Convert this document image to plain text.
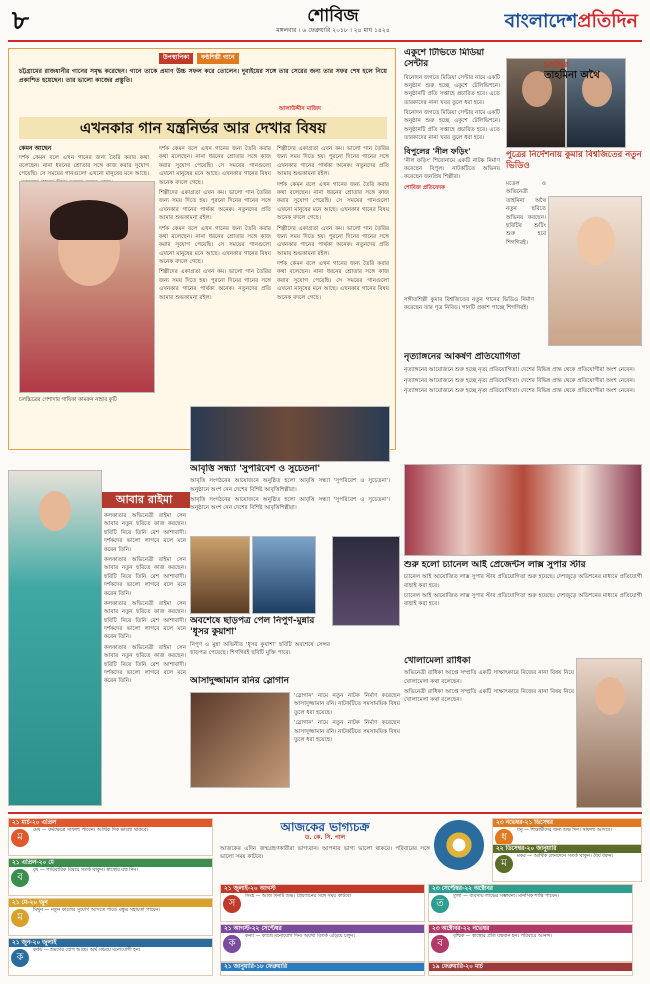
৮	শোবিজ
মঙ্গলবার । ৬ ফেব্রুয়ারি ২০১৮ । ২৪ মাঘ ১৪২৪	বাংলাদেশপ্রতিদিন
উপস্থাপিকা কণ্ঠশিল্পী গানে

চট্টগ্রামের রাজধানীর গানের সমৃদ্ধ করেছেন। গানে তাকে প্রমাণ উচ্চ সফল করে তোলেন। দুবাইয়ের সঙ্গে তার সেরের জন্য তার সফর শেষ হলে নিয়ে প্রকাশিত হয়েছেন। তার ভালো কাজের প্রস্তুতি।

এখনকার গান যন্ত্রনির্ভর আর দেখার বিষয়
কেমন আছেন

দর্শক কেমন বলে এখন গানের জন্য তৈরি করার কথা বলেছেন। নানা ধরনের শ্রোতার সঙ্গে কাজ করার সুযোগ পেয়েছি। সে সময়ের গানগুলো এখনো মানুষের মনে আছে।

চলচ্চিত্রের পেশাদার গায়িকা কামরুন নাহার কুটি

আলাউদ্দীন মাজিদ

দর্শক কেমন বলে এখন গানের জন্য তৈরি করার কথা বলেছেন। নানা ধরনের শ্রোতার সঙ্গে কাজ করার সুযোগ পেয়েছি। সে সময়ের গানগুলো এখনো মানুষের মনে আছে। এখনকার গানের বিষয় অনেক বদলে গেছে।

শিল্পীদের একাগ্রতা এখন কম। ভালো গান তৈরির জন্য সময় দিতে হয়। পুরনো দিনের গানের সঙ্গে এখনকার গানের পার্থক্য অনেক। নতুনদের প্রতি আমার শুভকামনা রইল।

দর্শক কেমন বলে এখন গানের জন্য তৈরি করার কথা বলেছেন। নানা ধরনের শ্রোতার সঙ্গে কাজ করার সুযোগ পেয়েছি। সে সময়ের গানগুলো এখনো মানুষের মনে আছে। এখনকার গানের বিষয় অনেক বদলে গেছে।

শিল্পীদের একাগ্রতা এখন কম। ভালো গান তৈরির জন্য সময় দিতে হয়। পুরনো দিনের গানের সঙ্গে এখনকার গানের পার্থক্য অনেক। নতুনদের প্রতি আমার শুভকামনা রইল।

শিল্পীদের একাগ্রতা এখন কম। ভালো গান তৈরির জন্য সময় দিতে হয়। পুরনো দিনের গানের সঙ্গে এখনকার গানের পার্থক্য অনেক। নতুনদের প্রতি আমার শুভকামনা রইল।

দর্শক কেমন বলে এখন গানের জন্য তৈরি করার কথা বলেছেন। নানা ধরনের শ্রোতার সঙ্গে কাজ করার সুযোগ পেয়েছি। সে সময়ের গানগুলো এখনো মানুষের মনে আছে। এখনকার গানের বিষয় অনেক বদলে গেছে।

শিল্পীদের একাগ্রতা এখন কম। ভালো গান তৈরির জন্য সময় দিতে হয়। পুরনো দিনের গানের সঙ্গে এখনকার গানের পার্থক্য অনেক। নতুনদের প্রতি আমার শুভকামনা রইল।

দর্শক কেমন বলে এখন গানের জন্য তৈরি করার কথা বলেছেন। নানা ধরনের শ্রোতার সঙ্গে কাজ করার সুযোগ পেয়েছি। সে সময়ের গানগুলো এখনো মানুষের মনে আছে। এখনকার গানের বিষয় অনেক বদলে গেছে।

একুশে টিভিতে মিডিয়া সেন্টার

বিনোদন জগতে মিডিয়া সেন্টার নামে একটি অনুষ্ঠান শুরু হচ্ছে একুশে টেলিভিশনে। অনুষ্ঠানটি প্রতি সপ্তাহে প্রচারিত হবে। এতে তারকাদের নানা খবর তুলে ধরা হবে।

বিনোদন জগতে মিডিয়া সেন্টার নামে একটি অনুষ্ঠান শুরু হচ্ছে একুশে টেলিভিশনে। অনুষ্ঠানটি প্রতি সপ্তাহে প্রচারিত হবে। এতে তারকাদের নানা খবর তুলে ধরা হবে।

বিপুলের 'নীল ফড়িং'

'নীল ফড়িং' শিরোনামে একটি নাটক নির্মাণ করেছেন বিপুল। নাটকটিতে অভিনয় করেছেন জনপ্রিয় শিল্পীরা।

শোবিজ প্রতিবেদক
পুত্রের নির্দেশনায় কুমার বিশ্বজিতের নতুন ভিডিও

সঙ্গীতশিল্পী কুমার বিশ্বজিতের নতুন গানের ভিডিও নির্মাণ করেছেন তার পুত্র নিবিড়। গানটি প্রকাশ পাচ্ছে শিগগিরই।

চলচ্চিত্র
তাহমিনা অথৈ

মডেল ও অভিনেত্রী তাহমিনা অথৈ নতুন ছবিতে অভিনয় করছেন। ছবিটির শুটিং শুরু হবে শিগগিরই।

নৃত্যাঙ্গনের আকর্ষণ প্রতিযোগিতা

নৃত্যাঙ্গনের আয়োজনে শুরু হচ্ছে নৃত্য প্রতিযোগিতা। দেশের বিভিন্ন প্রান্ত থেকে প্রতিযোগীরা অংশ নেবেন।

নৃত্যাঙ্গনের আয়োজনে শুরু হচ্ছে নৃত্য প্রতিযোগিতা। দেশের বিভিন্ন প্রান্ত থেকে প্রতিযোগীরা অংশ নেবেন।

নৃত্যাঙ্গনের আয়োজনে শুরু হচ্ছে নৃত্য প্রতিযোগিতা। দেশের বিভিন্ন প্রান্ত থেকে প্রতিযোগীরা অংশ নেবেন।

আবৃত্তি সন্ধ্যা 'সুপরিবেশ ও সুচেতনা'

আবৃত্তি সংগঠনের আয়োজনে অনুষ্ঠিত হলো আবৃত্তি সন্ধ্যা 'সুপরিবেশ ও সুচেতনা'। অনুষ্ঠানে অংশ নেন দেশের বিশিষ্ট আবৃত্তিশিল্পীরা।

আবৃত্তি সংগঠনের আয়োজনে অনুষ্ঠিত হলো আবৃত্তি সন্ধ্যা 'সুপরিবেশ ও সুচেতনা'। অনুষ্ঠানে অংশ নেন দেশের বিশিষ্ট আবৃত্তিশিল্পীরা।

শুরু হলো চ্যানেল আই প্রেজেন্টস লাক্স সুপার স্টার

চ্যানেল আই আয়োজিত লাক্স সুপার স্টার প্রতিযোগিতা শুরু হয়েছে। দেশজুড়ে অডিশনের মাধ্যমে প্রতিযোগী বাছাই করা হবে।

চ্যানেল আই আয়োজিত লাক্স সুপার স্টার প্রতিযোগিতা শুরু হয়েছে। দেশজুড়ে অডিশনের মাধ্যমে প্রতিযোগী বাছাই করা হবে।

আবার রাইমা

কলকাতার অভিনেত্রী রাইমা সেন আবার নতুন ছবিতে কাজ করছেন। ছবিটি নিয়ে তিনি বেশ আশাবাদী। দর্শকদের ভালো লাগবে বলে মনে করেন তিনি।

কলকাতার অভিনেত্রী রাইমা সেন আবার নতুন ছবিতে কাজ করছেন। ছবিটি নিয়ে তিনি বেশ আশাবাদী। দর্শকদের ভালো লাগবে বলে মনে করেন তিনি।

কলকাতার অভিনেত্রী রাইমা সেন আবার নতুন ছবিতে কাজ করছেন। ছবিটি নিয়ে তিনি বেশ আশাবাদী। দর্শকদের ভালো লাগবে বলে মনে করেন তিনি।

কলকাতার অভিনেত্রী রাইমা সেন আবার নতুন ছবিতে কাজ করছেন। ছবিটি নিয়ে তিনি বেশ আশাবাদী। দর্শকদের ভালো লাগবে বলে মনে করেন তিনি।

অবশেষে ছাড়পত্র পেল নিপুণ-মুন্নার 'ধূসর কুয়াশা'

নিপুণ ও মুন্না অভিনীত 'ধূসর কুয়াশা' ছবিটি অবশেষে সেন্সর ছাড়পত্র পেয়েছে। শিগগিরই ছবিটি মুক্তি পাবে।

আসাদুজ্জামান রনির স্লোগান

'স্লোগান' নামে নতুন নাটক নির্মাণ করেছেন আসাদুজ্জামান রনি। নাটকটিতে সমসাময়িক বিষয় তুলে ধরা হয়েছে।

'স্লোগান' নামে নতুন নাটক নির্মাণ করেছেন আসাদুজ্জামান রনি। নাটকটিতে সমসাময়িক বিষয় তুলে ধরা হয়েছে।

খোলামেলা রাধিকা

অভিনেত্রী রাধিকা আপ্তে সম্প্রতি একটি সাক্ষাৎকারে নিজের নানা বিষয় নিয়ে খোলামেলা কথা বলেছেন।

অভিনেত্রী রাধিকা আপ্তে সম্প্রতি একটি সাক্ষাৎকারে নিজের নানা বিষয় নিয়ে খোলামেলা কথা বলেছেন।

আজকের ভাগ্যচক্র
ড. কে. সি. পাল

আজকের এদিন জন্মগ্রহণকারীরা ভাগ্যবান। আপনার ভাগ্য ভালো থাকবে। পরিবারের সঙ্গে ভালো সময় কাটবে।

২১ মার্চ-২০ এপ্রিল
ম
মেষ — কর্মক্ষেত্রে সাফল্য পাবেন। আর্থিক দিক ভালো থাকবে।
২১ এপ্রিল-২০ মে
ব
বৃষ — পারিবারিক বিষয়ে সতর্ক থাকুন। স্বাস্থ্যের যত্ন নিন।
২১ মে-২০ জুন
ম
মিথুন — নতুন কাজের সুযোগ আসতে পারে। বন্ধুর সহায়তা পাবেন।
২১ জুন-২০ জুলাই
ক
কর্কট — ভ্রমণের যোগ আছে। অর্থ সঞ্চয়ে মনোযোগী হন।
২১ জুলাই-২০ আগস্ট
স
সিংহ — আজ দিনটি শুভ। প্রিয়জনের সঙ্গে সময় কাটবে।
২১ আগস্ট-২২ সেপ্টেম্বর
ক
কন্যা — কাজে মনোযোগ দিন। অযথা বিতর্ক এড়িয়ে চলুন।
২৩ সেপ্টেম্বর-২২ অক্টোবর
ত
তুলা — ব্যবসায় লাভের সম্ভাবনা। মানসিক শান্তি পাবেন।
২৩ অক্টোবর-২২ নভেম্বর
ব
বৃশ্চিক — স্বাস্থ্যের প্রতি যত্নবান হন। পরিবারে আনন্দ।
২৩ নভেম্বর-২১ ডিসেম্বর
ধ
ধনু — শিক্ষার্থীদের জন্য শুভ দিন। সাফল্য আসবে।
২২ ডিসেম্বর-২০ জানুয়ারি
ম
মকর — আর্থিক লেনদেনে সতর্ক থাকুন। ধৈর্য ধরুন।
২১ জানুয়ারি-১৮ ফেব্রুয়ারি	১৯ ফেব্রুয়ারি-২০ মার্চ
